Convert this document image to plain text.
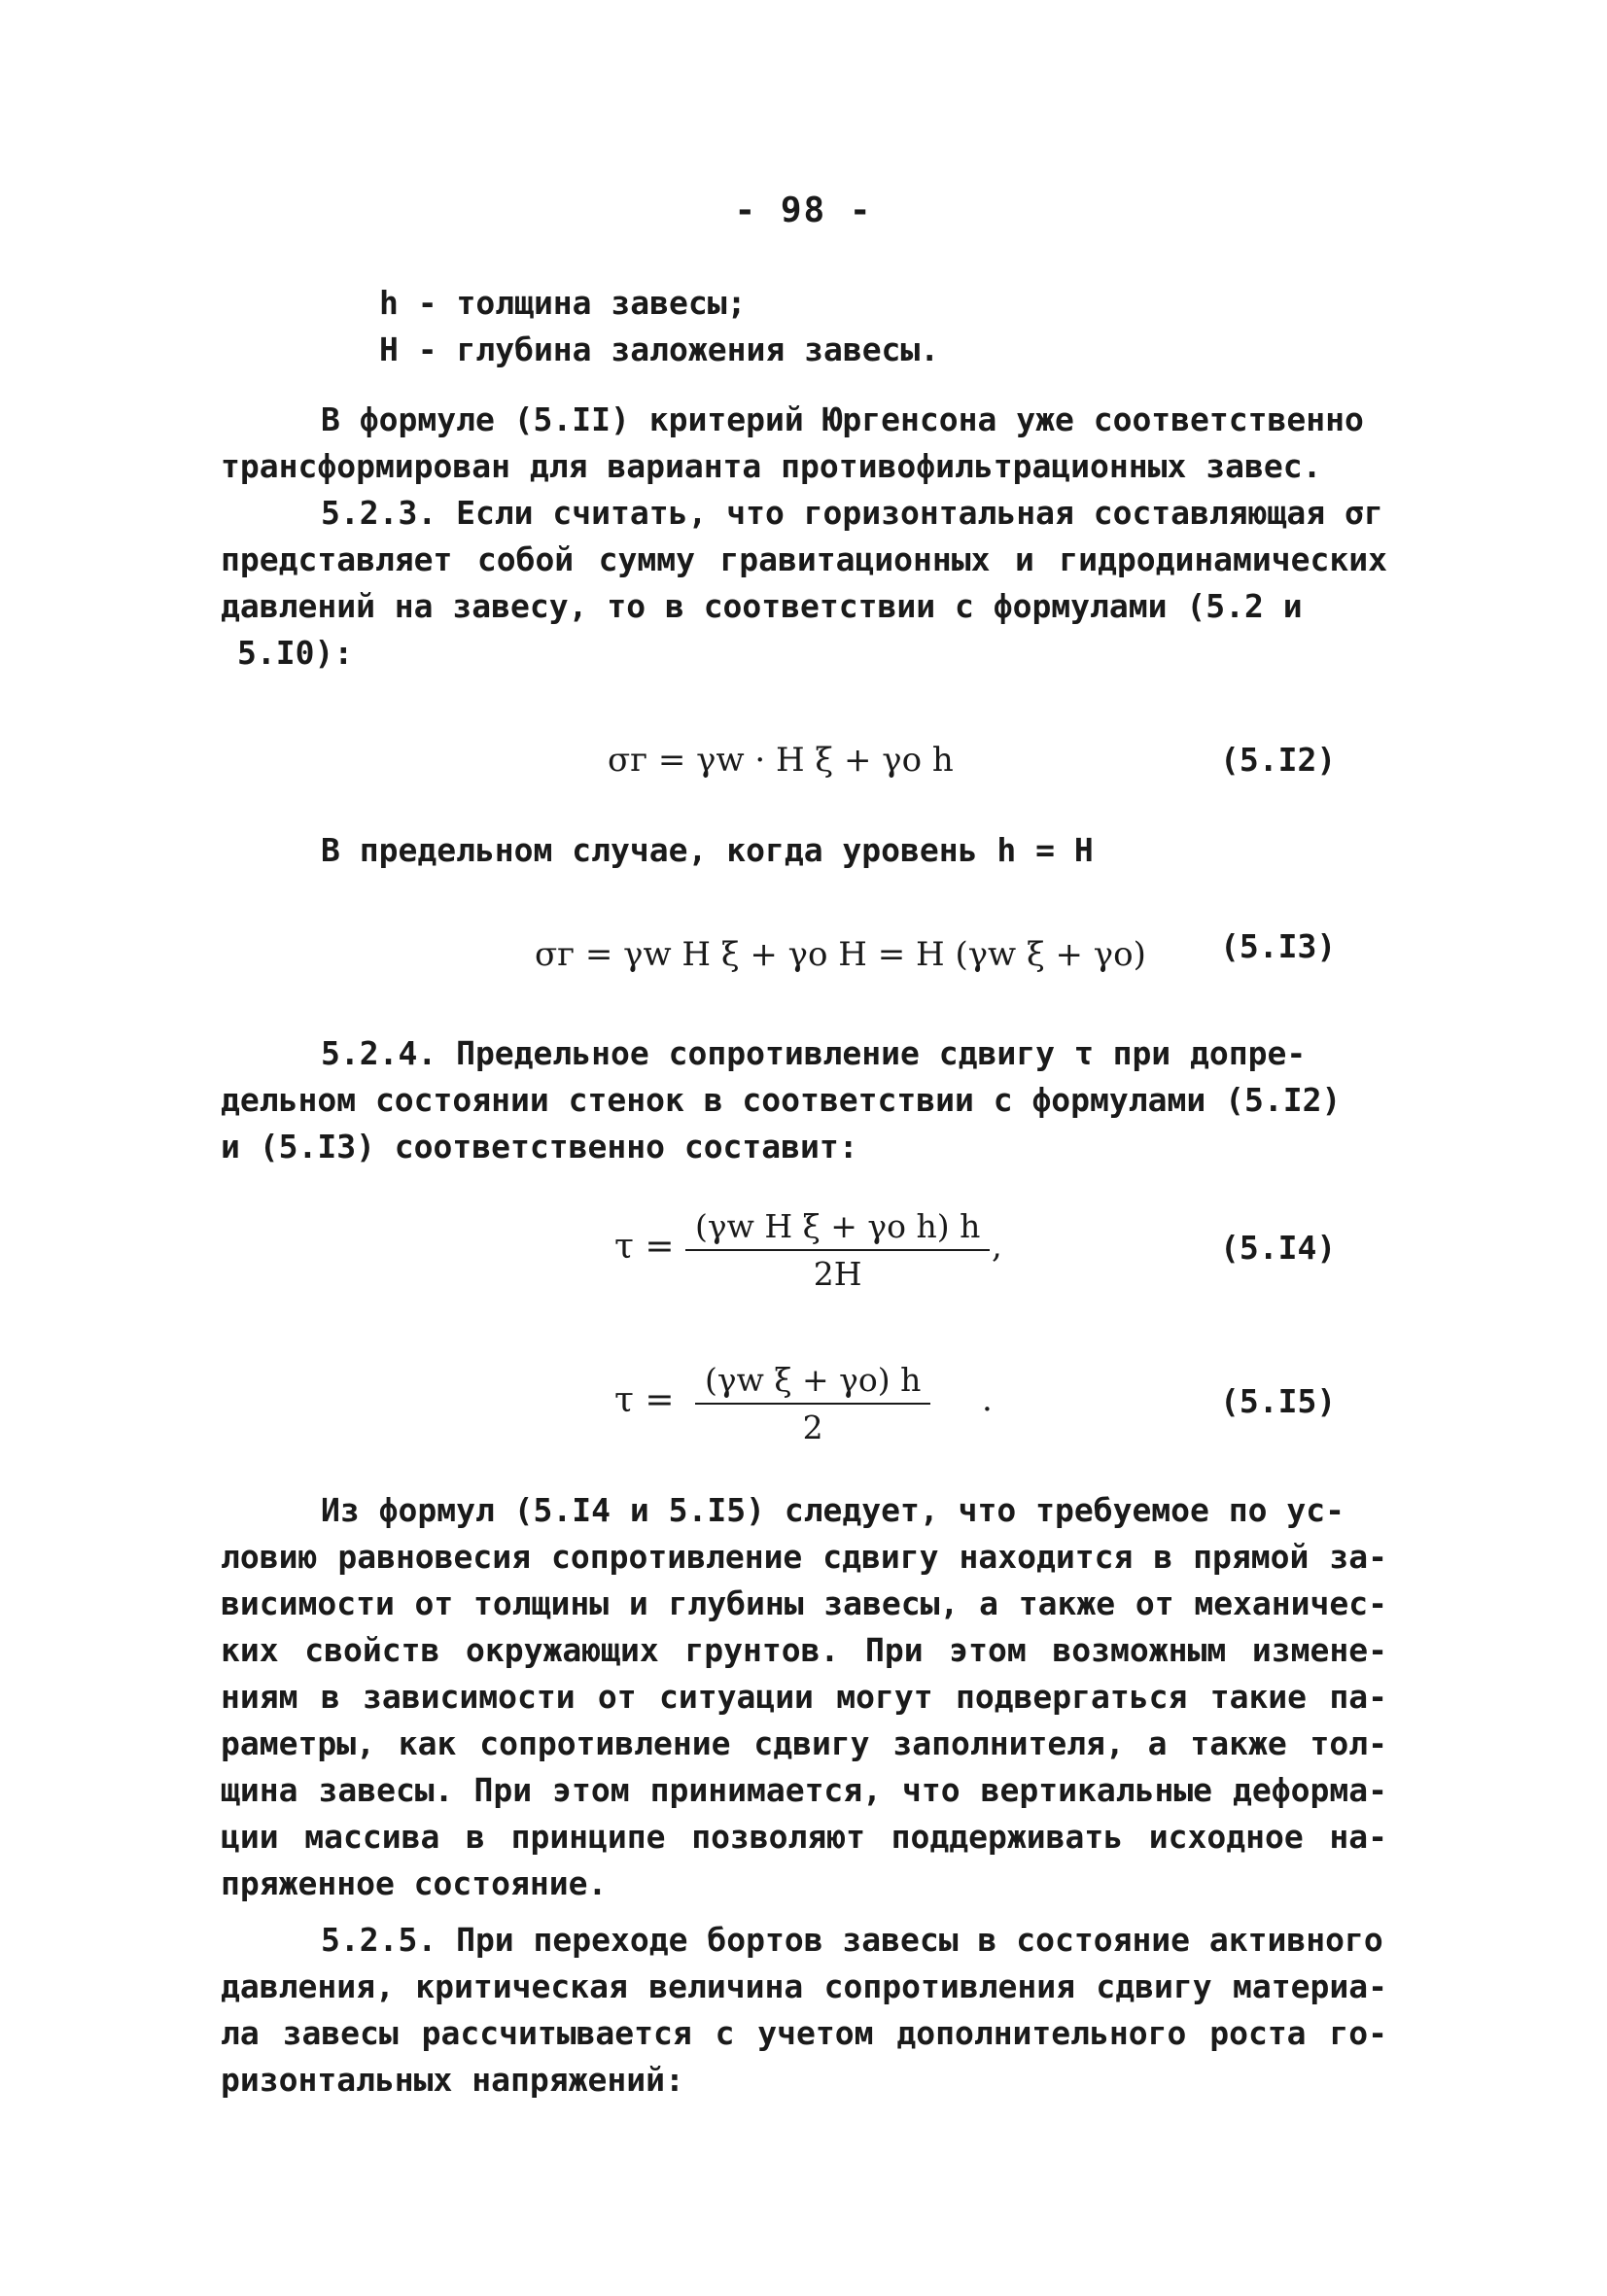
- 98 -
h - толщина завесы;
H - глубина заложения завесы.
В формуле (5.II) критерий Юргенсона уже соответственно
трансформирован для варианта противофильтрационных завес.
5.2.3. Если считать, что горизонтальная составляющая σг
представляет собой сумму гравитационных и гидродинамических
давлений на завесу, то в соответствии с формулами (5.2 и
5.I0):
σг = γw · H ξ + γo h	(5.I2)
В предельном случае, когда уровень h = H
σг = γw H ξ + γo H = H (γw ξ + γo) (5.I3)
5.2.4. Предельное сопротивление сдвигу τ при допре-
дельном состоянии стенок в соответствии с формулами (5.I2)
и (5.I3) соответственно составит:
$\tau = \frac{\text{(γw H ξ + γo h) h}}{2H}$ ,	(5.I4)
$\tau = \frac{\text{(γw ξ + γo) h}}{2}$ .	(5.I5)
Из формул (5.I4 и 5.I5) следует, что требуемое по ус-
ловию равновесия сопротивление сдвигу находится в прямой за-
висимости от толщины и глубины завесы, а также от механичес-
ких свойств окружающих грунтов. При этом возможным измене-
ниям в зависимости от ситуации могут подвергаться такие па-
раметры, как сопротивление сдвигу заполнителя, а также тол-
щина завесы. При этом принимается, что вертикальные деформа-
ции массива в принципе позволяют поддерживать исходное на-
пряженное состояние.
5.2.5. При переходе бортов завесы в состояние активного
давления, критическая величина сопротивления сдвигу материа-
ла завесы рассчитывается с учетом дополнительного роста го-
ризонтальных напряжений:
